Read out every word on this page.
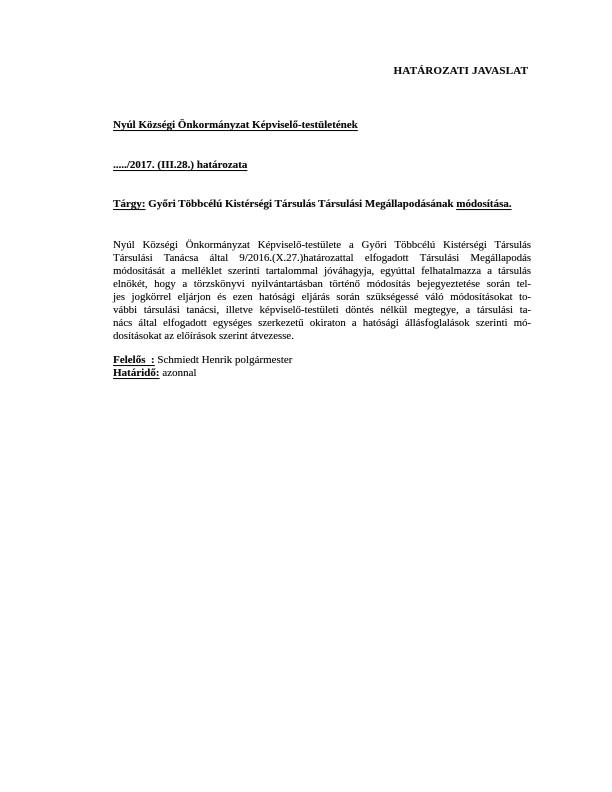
HATÁROZATI JAVASLAT
Nyúl Községi Önkormányzat Képviselő-testületének
...../2017. (III.28.) határozata
Tárgy: Győri Többcélú Kistérségi Társulás Társulási Megállapodásának módosítása.
Nyúl Községi Önkormányzat Képviselő-testülete a Győri Többcélú Kistérségi Társulás
Társulási Tanácsa által 9/2016.(X.27.)határozattal elfogadott Társulási Megállapodás
módosítását a melléklet szerinti tartalommal jóváhagyja, egyúttal felhatalmazza a társulás
elnökét, hogy a törzskönyvi nyilvántartásban történő módosítás bejegyeztetése során tel-
jes jogkörrel eljárjon és ezen hatósági eljárás során szükségessé váló módosításokat to-
vábbi társulási tanácsi, illetve képviselő-testületi döntés nélkül megtegye, a társulási ta-
nács által elfogadott egységes szerkezetű okiraton a hatósági állásfoglalások szerinti mó-
dosításokat az előírások szerint átvezesse.
Felelős  : Schmiedt Henrik polgármester
Határidő: azonnal
